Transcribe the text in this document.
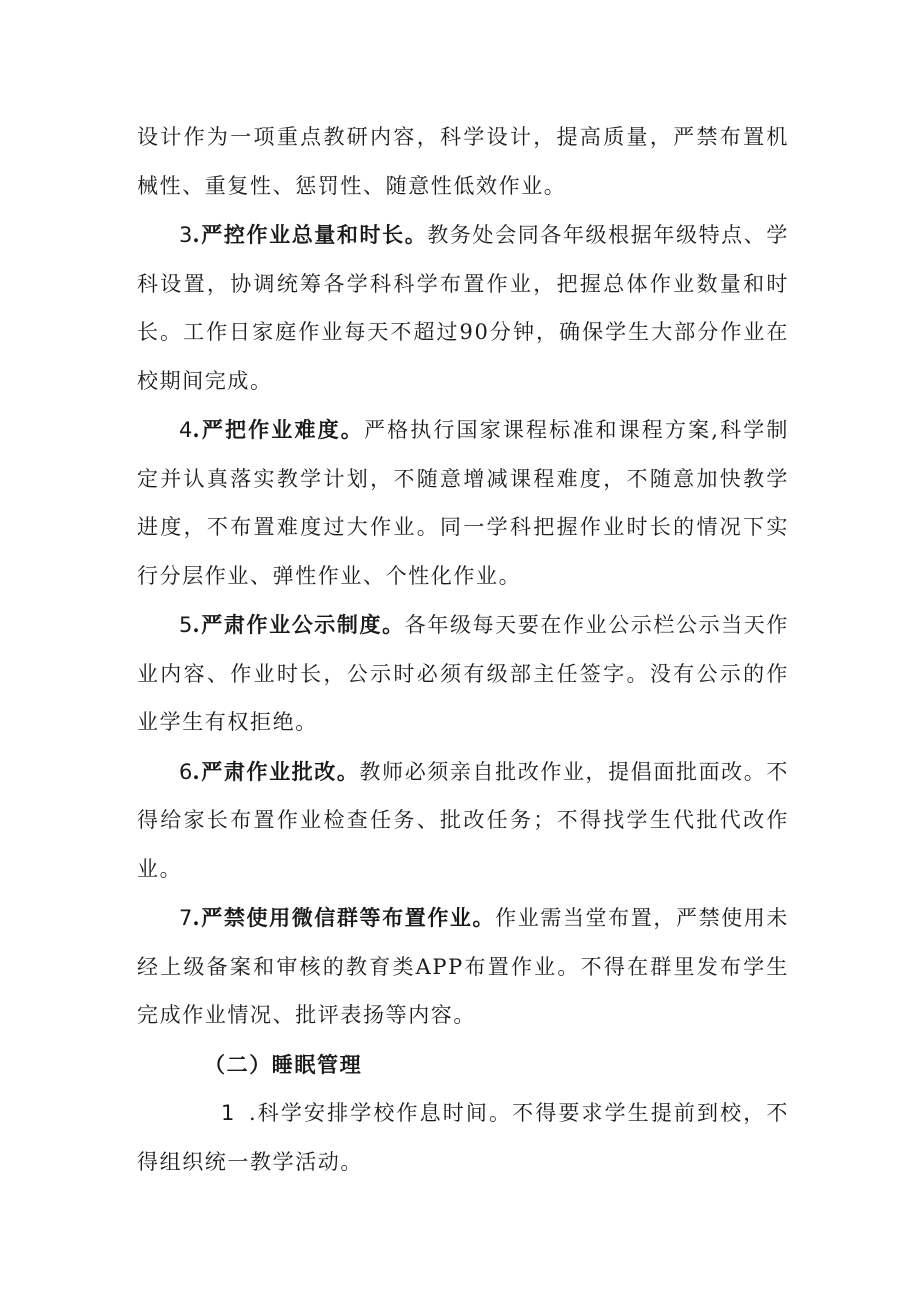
设计作为一项重点教研内容，科学设计，提高质量，严禁布置机械性、重复性、惩罚性、随意性低效作业。

3.严控作业总量和时长。教务处会同各年级根据年级特点、学科设置，协调统筹各学科科学布置作业，把握总体作业数量和时长。工作日家庭作业每天不超过90分钟，确保学生大部分作业在校期间完成。

4.严把作业难度。严格执行国家课程标准和课程方案,科学制定并认真落实教学计划，不随意增减课程难度，不随意加快教学进度，不布置难度过大作业。同一学科把握作业时长的情况下实行分层作业、弹性作业、个性化作业。

5.严肃作业公示制度。各年级每天要在作业公示栏公示当天作业内容、作业时长，公示时必须有级部主任签字。没有公示的作业学生有权拒绝。

6.严肃作业批改。教师必须亲自批改作业，提倡面批面改。不得给家长布置作业检查任务、批改任务；不得找学生代批代改作业。

7.严禁使用微信群等布置作业。作业需当堂布置，严禁使用未经上级备案和审核的教育类APP布置作业。不得在群里发布学生完成作业情况、批评表扬等内容。

（二）睡眠管理

1 .科学安排学校作息时间。不得要求学生提前到校，不得组织统一教学活动。
